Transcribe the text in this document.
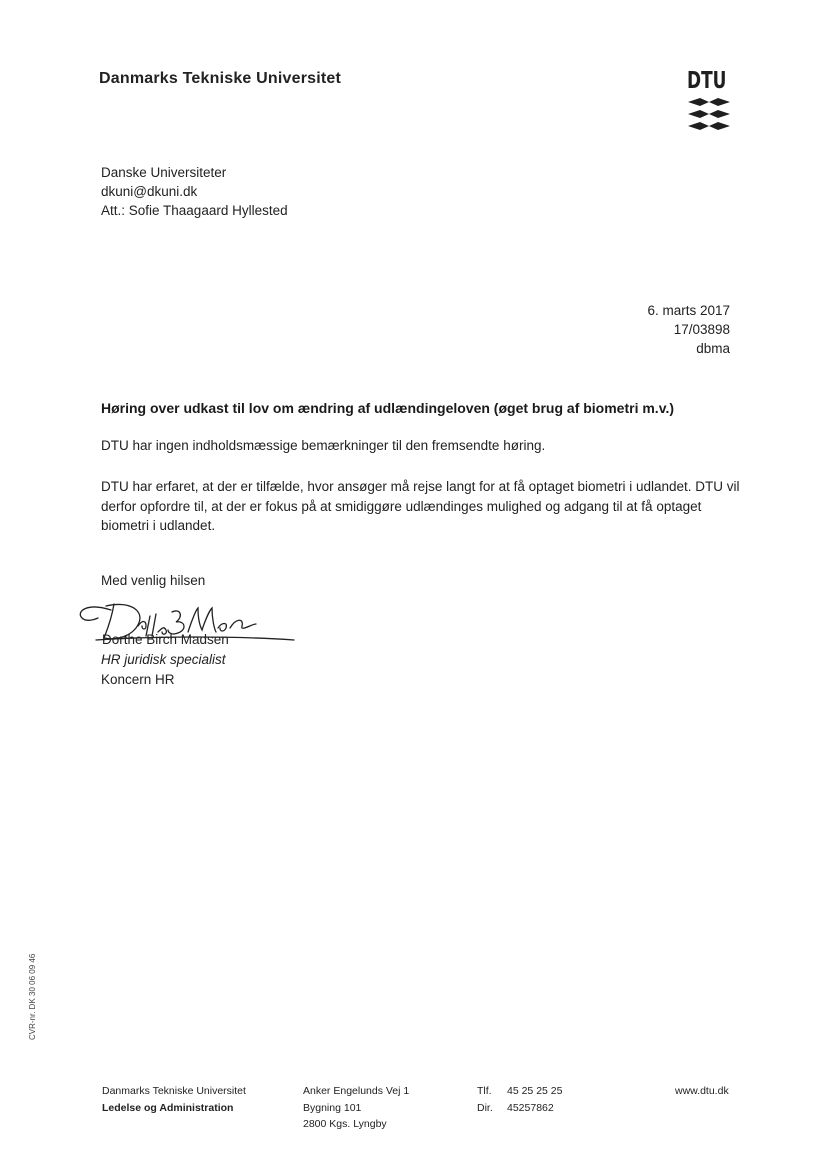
Danmarks Tekniske Universitet	DTU
Danske Universiteter
dkuni@dkuni.dk
Att.: Sofie Thaagaard Hyllested
6. marts 2017
17/03898
dbma
Høring over udkast til lov om ændring af udlændingeloven (øget brug af biometri m.v.)
DTU har ingen indholdsmæssige bemærkninger til den fremsendte høring.
DTU har erfaret, at der er tilfælde, hvor ansøger må rejse langt for at få optaget biometri i udlandet. DTU vil derfor opfordre til, at der er fokus på at smidiggøre udlændinges mulighed og adgang til at få optaget biometri i udlandet.
Med venlig hilsen
Dorthe Birch Madsen
HR juridisk specialist
Koncern HR
CVR-nr. DK 30 06 09 46
Danmarks Tekniske Universitet
Ledelse og Administration
Anker Engelunds Vej 1
Bygning 101
2800 Kgs. Lyngby
Tlf. 45 25 25 25
Dir. 45257862
www.dtu.dk
